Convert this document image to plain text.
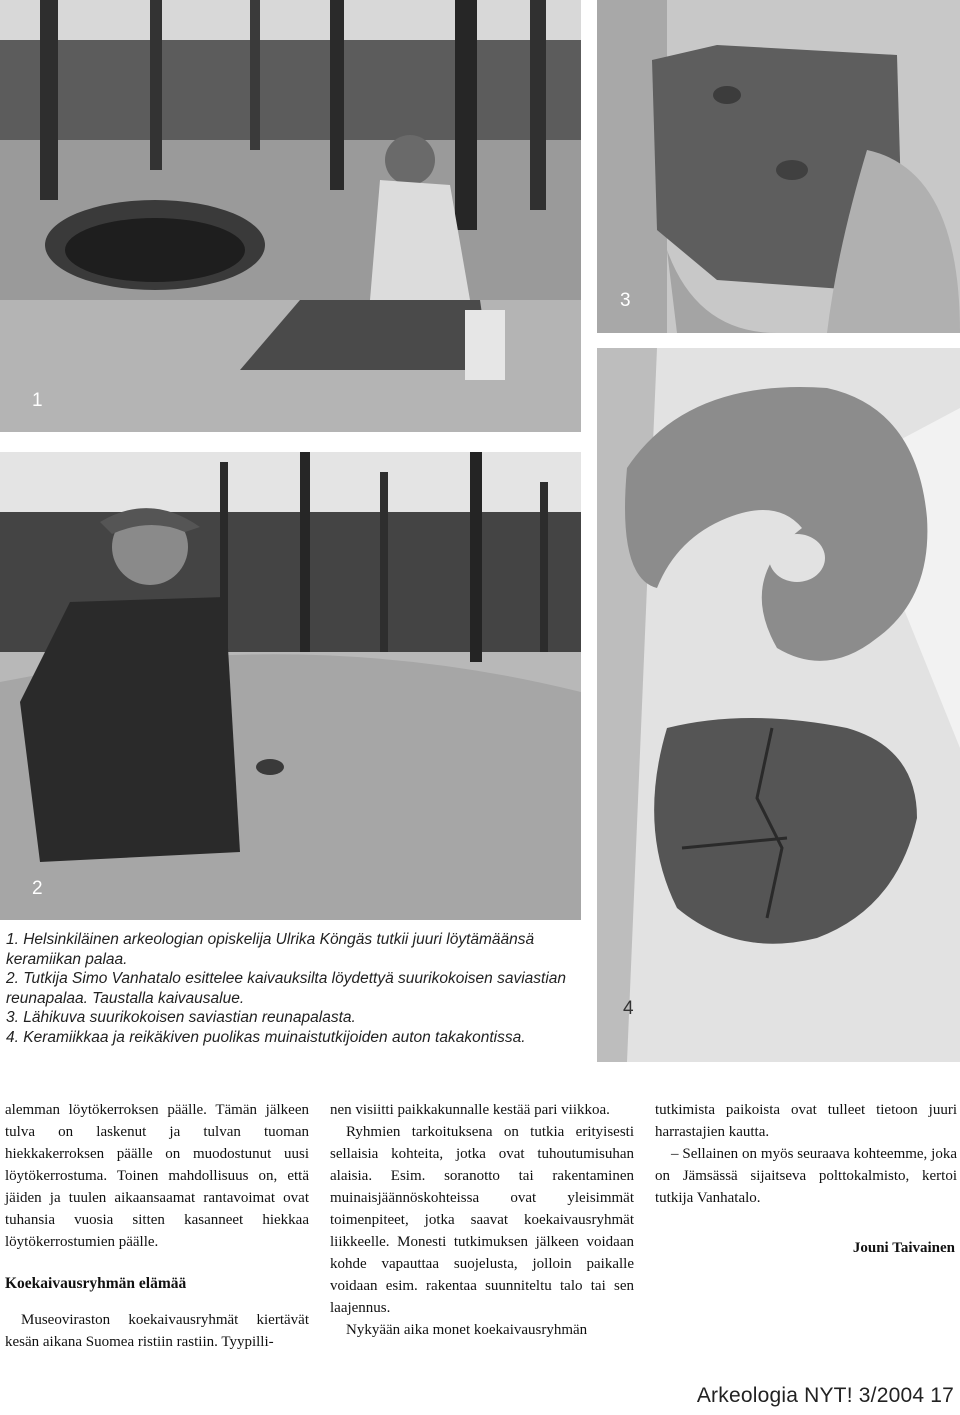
1
3
2
4

1. Helsinkiläinen arkeologian opiskelija Ulrika Köngäs tutkii juuri löytämäänsä keramiikan palaa.

2. Tutkija Simo Vanhatalo esittelee kaivauksilta löydettyä suurikokoisen saviastian reunapalaa. Taustalla kaivausalue.

3. Lähikuva suurikokoisen saviastian reunapalasta.

4. Keramiikkaa ja reikäkiven puolikas muinaistutkijoiden auton takakontissa.

alemman löytökerroksen päälle. Tämän jälkeen tulva on laskenut ja tulvan tuoman hiekkakerroksen päälle on muodostunut uusi löytökerrostuma. Toinen mahdollisuus on, että jäiden ja tuulen aikaansaamat rantavoimat ovat tuhansia vuosia sitten kasanneet hiekkaa löytökerrostumien päälle.

Koekaivausryhmän elämää

Museoviraston koekaivausryhmät kiertävät kesän aikana Suomea ristiin rastiin. Tyypilli-

nen visiitti paikkakunnalle kestää pari viikkoa.

Ryhmien tarkoituksena on tutkia erityisesti sellaisia kohteita, jotka ovat tuhoutumisuhan alaisia. Esim. soranotto tai rakentaminen muinaisjäännöskohteissa ovat yleisimmät toimenpiteet, jotka saavat koekaivausryhmät liikkeelle. Monesti tutkimuksen jälkeen voidaan kohde vapauttaa suojelusta, jolloin paikalle voidaan esim. rakentaa suunniteltu talo tai sen laajennus.

Nykyään aika monet koekaivausryhmän

tutkimista paikoista ovat tulleet tietoon juuri harrastajien kautta.

– Sellainen on myös seuraava kohteemme, joka on Jämsässä sijaitseva polttokalmisto, kertoi tutkija Vanhatalo.

Jouni Taivainen

Arkeologia NYT! 3/2004 17
